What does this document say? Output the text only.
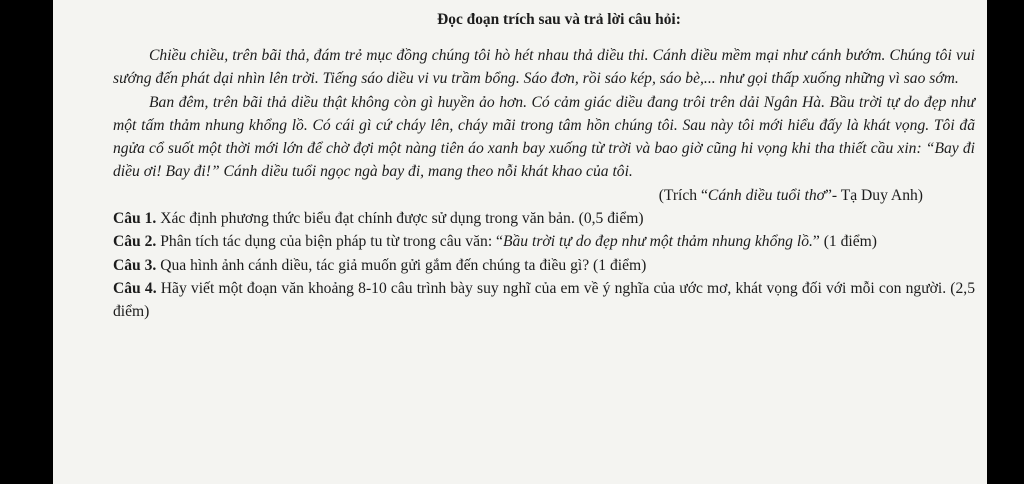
Đọc đoạn trích sau và trả lời câu hỏi:

Chiều chiều, trên bãi thả, đám trẻ mục đồng chúng tôi hò hét nhau thả diều thi. Cánh diều mềm mại như cánh bướm. Chúng tôi vui sướng đến phát dại nhìn lên trời. Tiếng sáo diều vi vu trầm bổng. Sáo đơn, rồi sáo kép, sáo bè,... như gọi thấp xuống những vì sao sớm.

Ban đêm, trên bãi thả diều thật không còn gì huyền ảo hơn. Có cảm giác diều đang trôi trên dải Ngân Hà. Bầu trời tự do đẹp như một tấm thảm nhung khổng lồ. Có cái gì cứ cháy lên, cháy mãi trong tâm hồn chúng tôi. Sau này tôi mới hiểu đấy là khát vọng. Tôi đã ngửa cổ suốt một thời mới lớn để chờ đợi một nàng tiên áo xanh bay xuống từ trời và bao giờ cũng hi vọng khi tha thiết cầu xin: “Bay đi diều ơi! Bay đi!” Cánh diều tuổi ngọc ngà bay đi, mang theo nỗi khát khao của tôi.

(Trích “Cánh diều tuổi thơ”- Tạ Duy Anh)

Câu 1. Xác định phương thức biểu đạt chính được sử dụng trong văn bản. (0,5 điểm)

Câu 2. Phân tích tác dụng của biện pháp tu từ trong câu văn: “Bầu trời tự do đẹp như một thảm nhung khổng lồ.” (1 điểm)

Câu 3. Qua hình ảnh cánh diều, tác giả muốn gửi gắm đến chúng ta điều gì? (1 điểm)

Câu 4. Hãy viết một đoạn văn khoảng 8-10 câu trình bày suy nghĩ của em về ý nghĩa của ước mơ, khát vọng đối với mỗi con người. (2,5 điểm)
